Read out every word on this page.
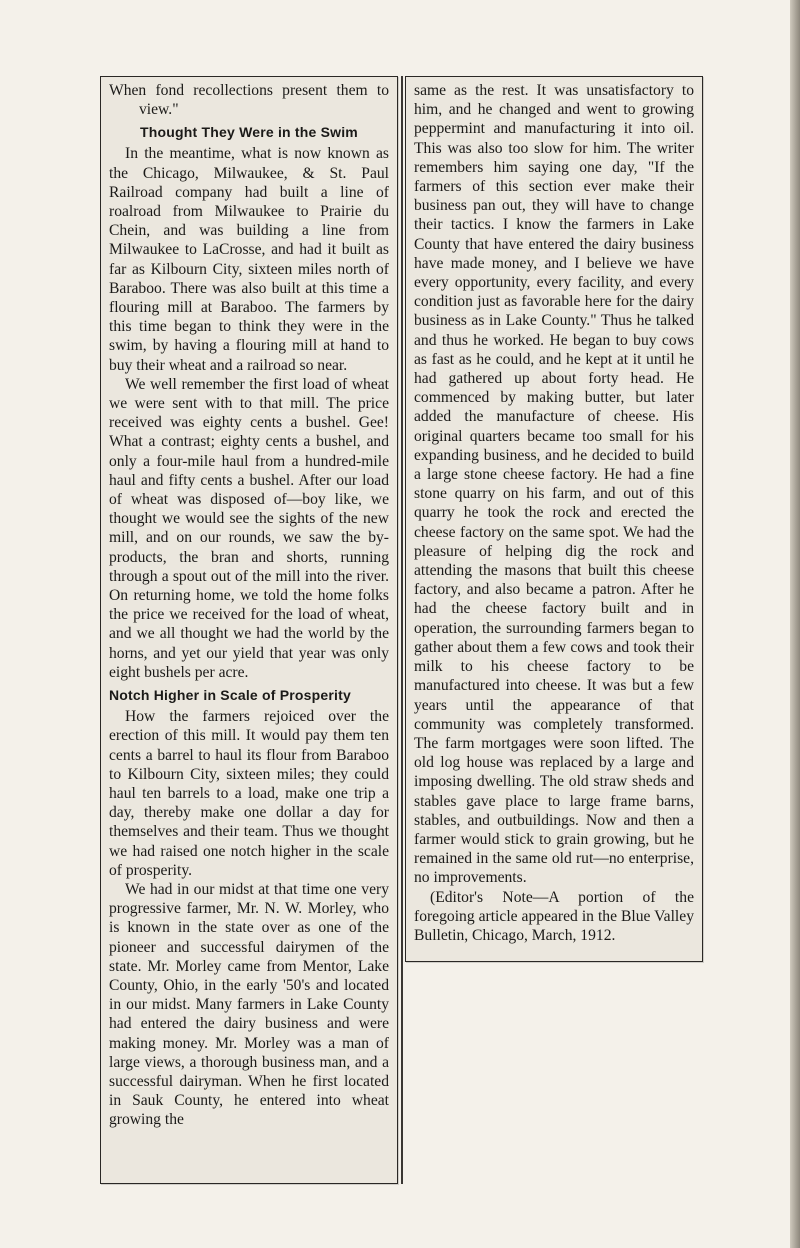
When fond recollections present them to view."

Thought They Were in the Swim

In the meantime, what is now known as the Chicago, Milwaukee, & St. Paul Railroad company had built a line of roalroad from Milwaukee to Prairie du Chein, and was building a line from Milwaukee to LaCrosse, and had it built as far as Kilbourn City, sixteen miles north of Baraboo. There was also built at this time a flouring mill at Baraboo. The farmers by this time began to think they were in the swim, by having a flouring mill at hand to buy their wheat and a railroad so near.

We well remember the first load of wheat we were sent with to that mill. The price received was eighty cents a bushel. Gee! What a contrast; eighty cents a bushel, and only a four-mile haul from a hundred-mile haul and fifty cents a bushel. After our load of wheat was disposed of—boy like, we thought we would see the sights of the new mill, and on our rounds, we saw the by-products, the bran and shorts, running through a spout out of the mill into the river. On returning home, we told the home folks the price we received for the load of wheat, and we all thought we had the world by the horns, and yet our yield that year was only eight bushels per acre.

Notch Higher in Scale of Prosperity

How the farmers rejoiced over the erection of this mill. It would pay them ten cents a barrel to haul its flour from Baraboo to Kilbourn City, sixteen miles; they could haul ten barrels to a load, make one trip a day, thereby make one dollar a day for themselves and their team. Thus we thought we had raised one notch higher in the scale of prosperity.

We had in our midst at that time one very progressive farmer, Mr. N. W. Morley, who is known in the state over as one of the pioneer and successful dairymen of the state. Mr. Morley came from Mentor, Lake County, Ohio, in the early '50's and located in our midst. Many farmers in Lake County had entered the dairy business and were making money. Mr. Morley was a man of large views, a thorough business man, and a successful dairyman. When he first located in Sauk County, he entered into wheat growing the

same as the rest. It was unsatisfactory to him, and he changed and went to growing peppermint and manufacturing it into oil. This was also too slow for him. The writer remembers him saying one day, "If the farmers of this section ever make their business pan out, they will have to change their tactics. I know the farmers in Lake County that have entered the dairy business have made money, and I believe we have every opportunity, every facility, and every condition just as favorable here for the dairy business as in Lake County." Thus he talked and thus he worked. He began to buy cows as fast as he could, and he kept at it until he had gathered up about forty head. He commenced by making butter, but later added the manufacture of cheese. His original quarters became too small for his expanding business, and he decided to build a large stone cheese factory. He had a fine stone quarry on his farm, and out of this quarry he took the rock and erected the cheese factory on the same spot. We had the pleasure of helping dig the rock and attending the masons that built this cheese factory, and also became a patron. After he had the cheese factory built and in operation, the surrounding farmers began to gather about them a few cows and took their milk to his cheese factory to be manufactured into cheese. It was but a few years until the appearance of that community was completely transformed. The farm mortgages were soon lifted. The old log house was replaced by a large and imposing dwelling. The old straw sheds and stables gave place to large frame barns, stables, and outbuildings. Now and then a farmer would stick to grain growing, but he remained in the same old rut—no enterprise, no improvements.

(Editor's Note—A portion of the foregoing article appeared in the Blue Valley Bulletin, Chicago, March, 1912.
